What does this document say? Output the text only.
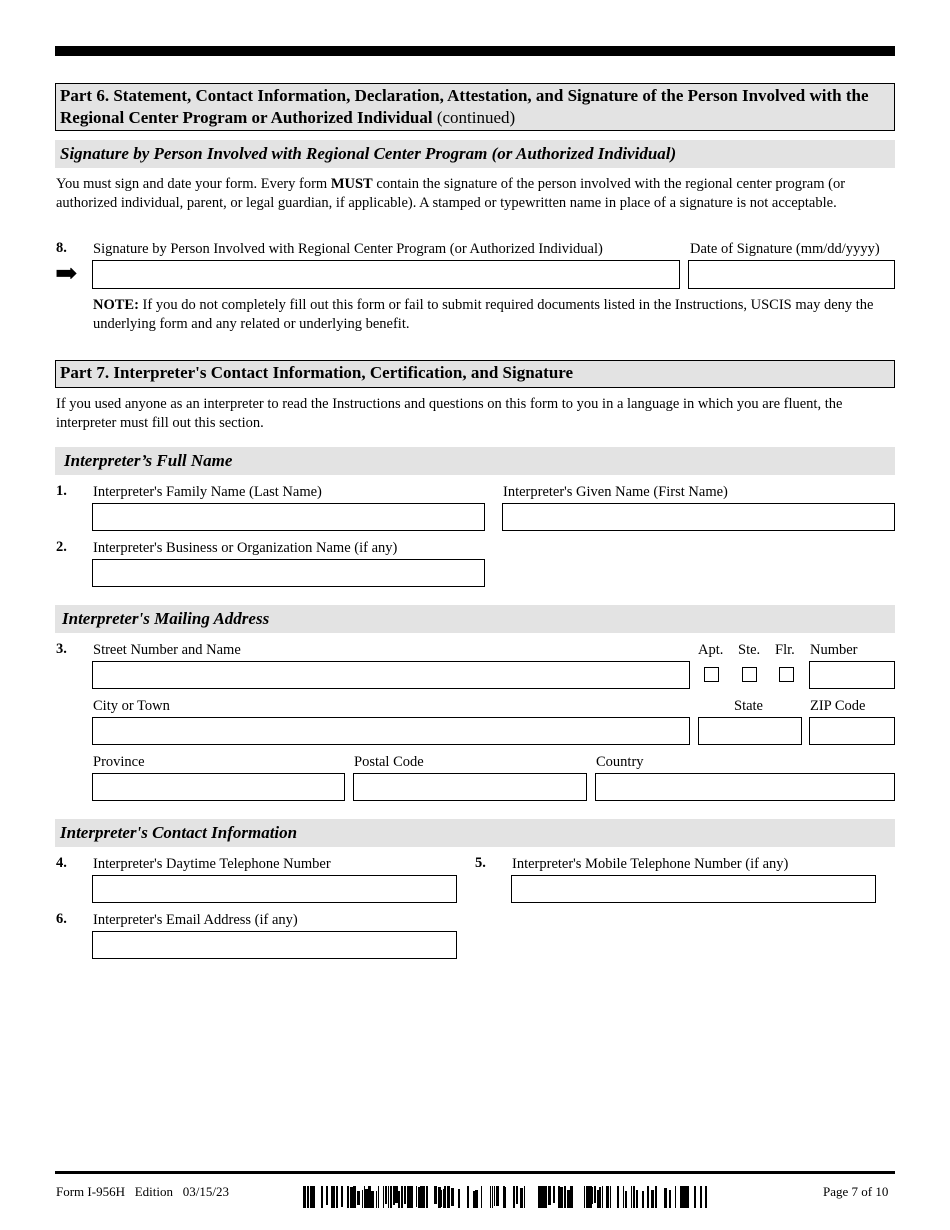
Part 6. Statement, Contact Information, Declaration, Attestation, and Signature of the Person Involved with the Regional Center Program or Authorized Individual (continued)
Signature by Person Involved with Regional Center Program (or Authorized Individual)
You must sign and date your form. Every form MUST contain the signature of the person involved with the regional center program (or authorized individual, parent, or legal guardian, if applicable). A stamped or typewritten name in place of a signature is not acceptable.
8. Signature by Person Involved with Regional Center Program (or Authorized Individual)	Date of Signature (mm/dd/yyyy)
➡
NOTE: If you do not completely fill out this form or fail to submit required documents listed in the Instructions, USCIS may deny the underlying form and any related or underlying benefit.
Part 7. Interpreter's Contact Information, Certification, and Signature
If you used anyone as an interpreter to read the Instructions and questions on this form to you in a language in which you are fluent, the interpreter must fill out this section.
Interpreter’s Full Name
1. Interpreter's Family Name (Last Name)	Interpreter's Given Name (First Name)
2. Interpreter's Business or Organization Name (if any)
Interpreter's Mailing Address
3. Street Number and Name	Apt. Ste. Flr. Number
City or Town	State	ZIP Code
Province	Postal Code	Country
Interpreter's Contact Information
4. Interpreter's Daytime Telephone Number	5. Interpreter's Mobile Telephone Number (if any)
6. Interpreter's Email Address (if any)
Form I-956H   Edition   03/15/23	Page 7 of 10
